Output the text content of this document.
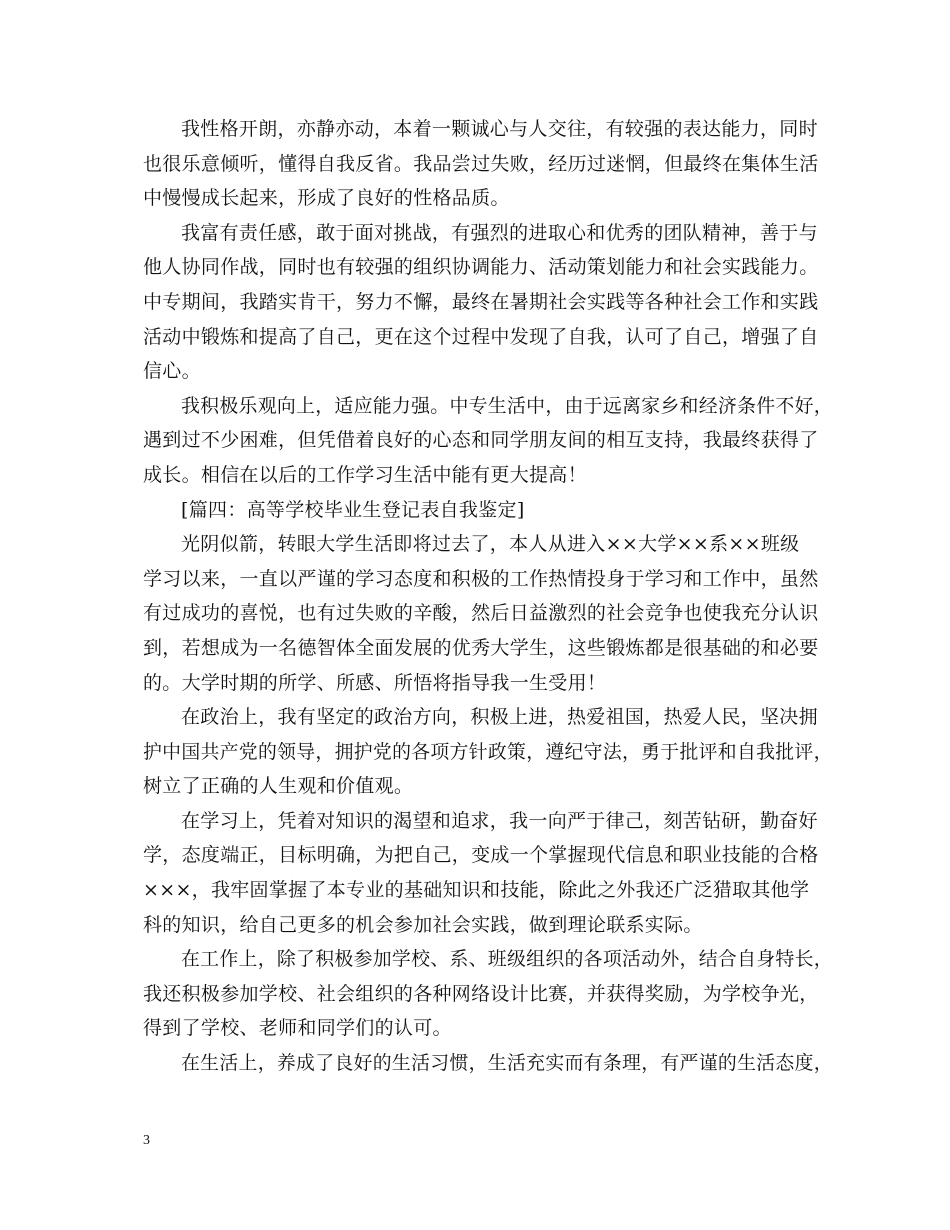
我性格开朗，亦静亦动，本着一颗诚心与人交往，有较强的表达能力，同时
也很乐意倾听，懂得自我反省。我品尝过失败，经历过迷惘，但最终在集体生活
中慢慢成长起来，形成了良好的性格品质。
我富有责任感，敢于面对挑战，有强烈的进取心和优秀的团队精神，善于与
他人协同作战，同时也有较强的组织协调能力、活动策划能力和社会实践能力。
中专期间，我踏实肯干，努力不懈，最终在暑期社会实践等各种社会工作和实践
活动中锻炼和提高了自己，更在这个过程中发现了自我，认可了自己，增强了自
信心。
我积极乐观向上，适应能力强。中专生活中，由于远离家乡和经济条件不好，
遇到过不少困难，但凭借着良好的心态和同学朋友间的相互支持，我最终获得了
成长。相信在以后的工作学习生活中能有更大提高！
[篇四：高等学校毕业生登记表自我鉴定]
光阴似箭，转眼大学生活即将过去了，本人从进入××大学××系××班级
学习以来，一直以严谨的学习态度和积极的工作热情投身于学习和工作中，虽然
有过成功的喜悦，也有过失败的辛酸，然后日益激烈的社会竞争也使我充分认识
到，若想成为一名德智体全面发展的优秀大学生，这些锻炼都是很基础的和必要
的。大学时期的所学、所感、所悟将指导我一生受用！
在政治上，我有坚定的政治方向，积极上进，热爱祖国，热爱人民，坚决拥
护中国共产党的领导，拥护党的各项方针政策，遵纪守法，勇于批评和自我批评，
树立了正确的人生观和价值观。
在学习上，凭着对知识的渴望和追求，我一向严于律己，刻苦钻研，勤奋好
学，态度端正，目标明确，为把自己，变成一个掌握现代信息和职业技能的合格
×××，我牢固掌握了本专业的基础知识和技能，除此之外我还广泛猎取其他学
科的知识，给自己更多的机会参加社会实践，做到理论联系实际。
在工作上，除了积极参加学校、系、班级组织的各项活动外，结合自身特长，
我还积极参加学校、社会组织的各种网络设计比赛，并获得奖励，为学校争光，
得到了学校、老师和同学们的认可。
在生活上，养成了良好的生活习惯，生活充实而有条理，有严谨的生活态度，
3
